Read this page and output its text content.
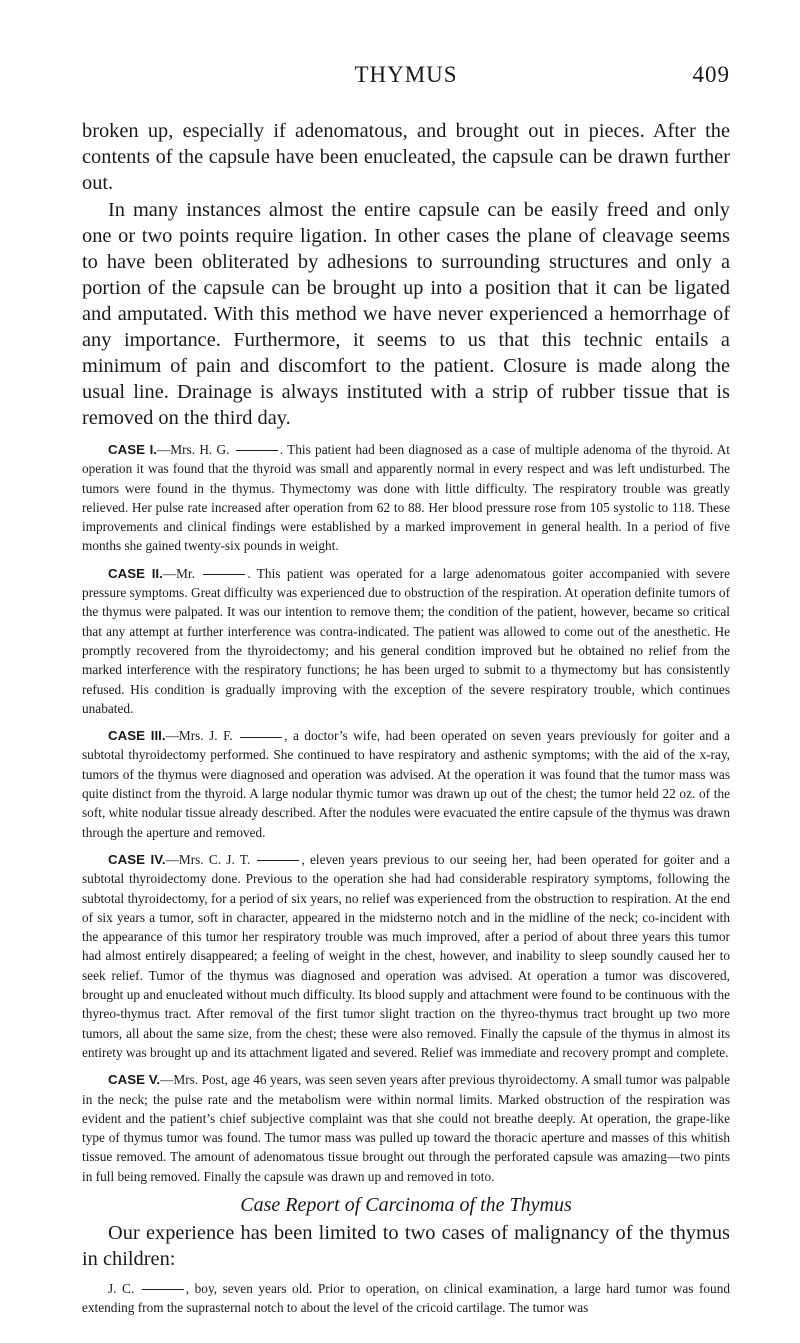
THYMUS	409

broken up, especially if adenomatous, and brought out in pieces. After the contents of the capsule have been enucleated, the capsule can be drawn further out.

In many instances almost the entire capsule can be easily freed and only one or two points require ligation. In other cases the plane of cleavage seems to have been obliterated by adhesions to surrounding structures and only a portion of the capsule can be brought up into a position that it can be ligated and amputated. With this method we have never experienced a hemorrhage of any importance. Furthermore, it seems to us that this technic entails a minimum of pain and discomfort to the patient. Closure is made along the usual line. Drainage is always instituted with a strip of rubber tissue that is removed on the third day.

CASE I.—Mrs. H. G.	. This patient had been diagnosed as a case of multiple adenoma of the thyroid. At operation it was found that the thyroid was small and apparently normal in every respect and was left undisturbed. The tumors were found in the thymus. Thymectomy was done with little difficulty. The respiratory trouble was greatly relieved. Her pulse rate increased after operation from 62 to 88. Her blood pressure rose from 105 systolic to 118. These improvements and clinical findings were established by a marked improvement in general health. In a period of five months she gained twenty-six pounds in weight.

CASE II.—Mr.	. This patient was operated for a large adenomatous goiter accompanied with severe pressure symptoms. Great difficulty was experienced due to obstruction of the respiration. At operation definite tumors of the thymus were palpated. It was our intention to remove them; the condition of the patient, however, became so critical that any attempt at further interference was contra-indicated. The patient was allowed to come out of the anesthetic. He promptly recovered from the thyroidectomy; and his general condition improved but he obtained no relief from the marked interference with the respiratory functions; he has been urged to submit to a thymectomy but has consistently refused. His condition is gradually improving with the exception of the severe respiratory trouble, which continues unabated.

CASE III.—Mrs. J. F.	, a doctor’s wife, had been operated on seven years previously for goiter and a subtotal thyroidectomy performed. She continued to have respiratory and asthenic symptoms; with the aid of the x-ray, tumors of the thymus were diagnosed and operation was advised. At the operation it was found that the tumor mass was quite distinct from the thyroid. A large nodular thymic tumor was drawn up out of the chest; the tumor held 22 oz. of the soft, white nodular tissue already described. After the nodules were evacuated the entire capsule of the thymus was drawn through the aperture and removed.

CASE IV.—Mrs. C. J. T.	, eleven years previous to our seeing her, had been operated for goiter and a subtotal thyroidectomy done. Previous to the operation she had had considerable respiratory symptoms, following the subtotal thyroidectomy, for a period of six years, no relief was experienced from the obstruction to respiration. At the end of six years a tumor, soft in character, appeared in the midsterno notch and in the midline of the neck; co-incident with the appearance of this tumor her respiratory trouble was much improved, after a period of about three years this tumor had almost entirely disappeared; a feeling of weight in the chest, however, and inability to sleep soundly caused her to seek relief. Tumor of the thymus was diagnosed and operation was advised. At operation a tumor was discovered, brought up and enucleated without much difficulty. Its blood supply and attachment were found to be continuous with the thyreo-thymus tract. After removal of the first tumor slight traction on the thyreo-thymus tract brought up two more tumors, all about the same size, from the chest; these were also removed. Finally the capsule of the thymus in almost its entirety was brought up and its attachment ligated and severed. Relief was immediate and recovery prompt and complete.

CASE V.—Mrs. Post, age 46 years, was seen seven years after previous thyroidectomy. A small tumor was palpable in the neck; the pulse rate and the metabolism were within normal limits. Marked obstruction of the respiration was evident and the patient’s chief subjective complaint was that she could not breathe deeply. At operation, the grape-like type of thymus tumor was found. The tumor mass was pulled up toward the thoracic aperture and masses of this whitish tissue removed. The amount of adenomatous tissue brought out through the perforated capsule was amazing—two pints in full being removed. Finally the capsule was drawn up and removed in toto.

Case Report of Carcinoma of the Thymus

Our experience has been limited to two cases of malignancy of the thymus in children:

J. C.	, boy, seven years old. Prior to operation, on clinical examination, a large hard tumor was found extending from the suprasternal notch to about the level of the cricoid cartilage. The tumor was
